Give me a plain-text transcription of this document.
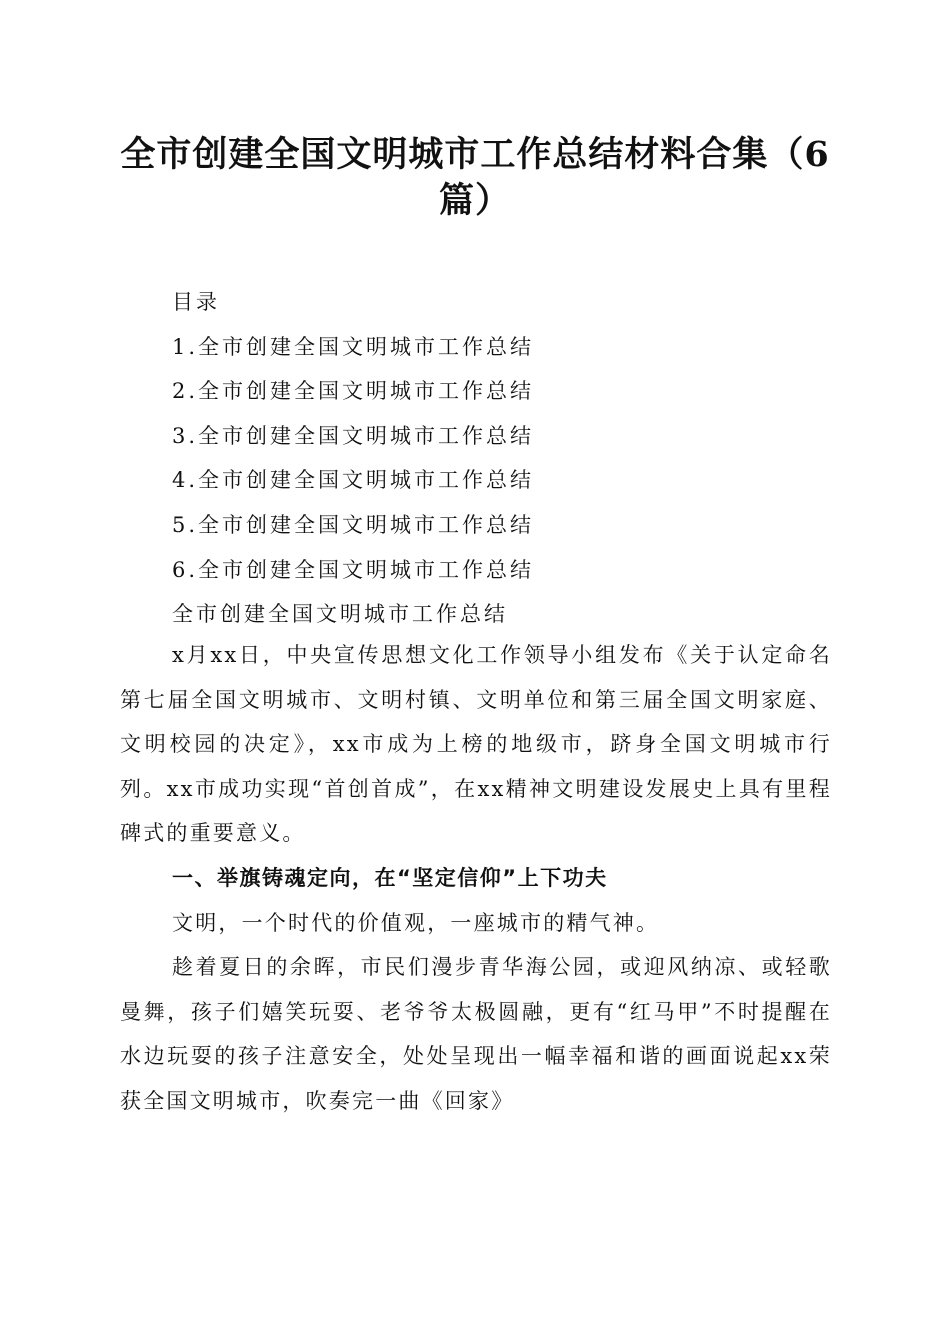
全市创建全国文明城市工作总结材料合集（6篇）
目录
1.全市创建全国文明城市工作总结
2.全市创建全国文明城市工作总结
3.全市创建全国文明城市工作总结
4.全市创建全国文明城市工作总结
5.全市创建全国文明城市工作总结
6.全市创建全国文明城市工作总结
全市创建全国文明城市工作总结

x月xx日，中央宣传思想文化工作领导小组发布《关于认定命名第七届全国文明城市、文明村镇、文明单位和第三届全国文明家庭、文明校园的决定》，xx市成为上榜的地级市，跻身全国文明城市行列。xx市成功实现“首创首成”，在xx精神文明建设发展史上具有里程碑式的重要意义。

一、举旗铸魂定向，在“坚定信仰”上下功夫

文明，一个时代的价值观，一座城市的精气神。

趁着夏日的余晖，市民们漫步青华海公园，或迎风纳凉、或轻歌曼舞，孩子们嬉笑玩耍、老爷爷太极圆融，更有“红马甲”不时提醒在水边玩耍的孩子注意安全，处处呈现出一幅幸福和谐的画面说起xx荣获全国文明城市，吹奏完一曲《回家》
